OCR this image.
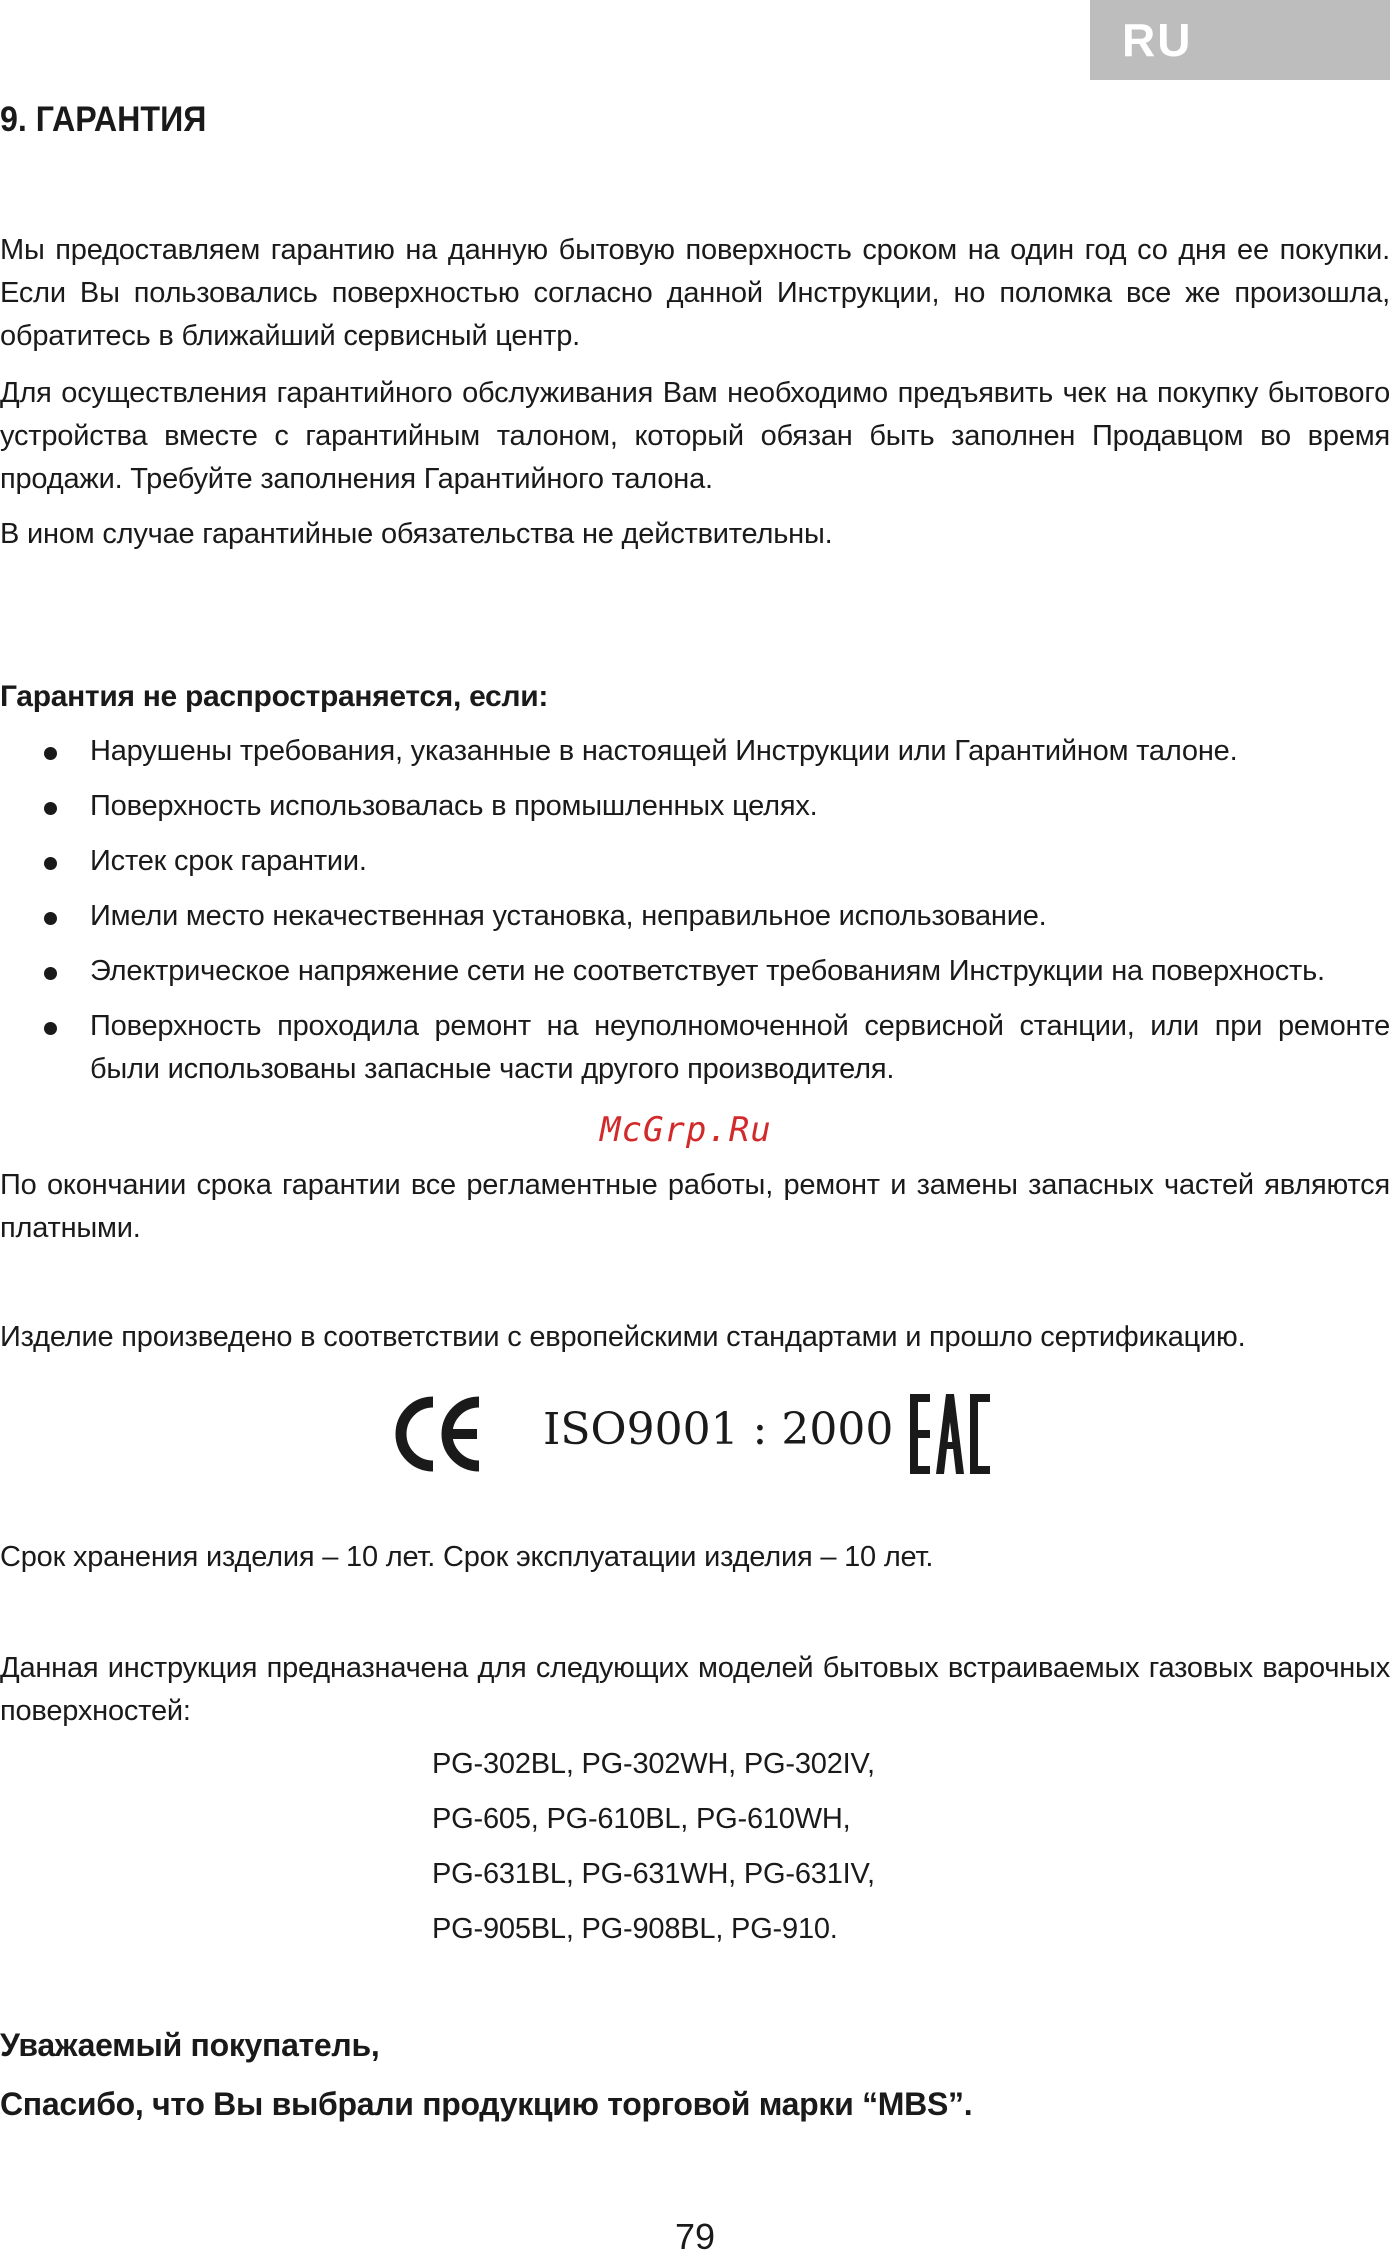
RU
9. ГАРАНТИЯ

Мы предоставляем гарантию на данную бытовую поверхность сроком на один год со дня ее покупки. Если Вы пользовались поверхностью согласно данной Инструкции, но поломка все же произошла, обратитесь в ближайший сервисный центр.

Для осуществления гарантийного обслуживания Вам необходимо предъявить чек на покупку бытового устройства вместе с гарантийным талоном, который обязан быть заполнен Продавцом во время продажи. Требуйте заполнения Гарантийного талона.

В ином случае гарантийные обязательства не действительны.

Гарантия не распространяется, если:
Нарушены требования, указанные в настоящей Инструкции или Гарантийном талоне.
Поверхность использовалась в промышленных целях.
Истек срок гарантии.
Имели место некачественная установка, неправильное использование.
Электрическое напряжение сети не соответствует требованиям Инструкции на поверхность.
Поверхность проходила ремонт на неуполномоченной сервисной станции, или при ремонте были использованы запасные части другого производителя.

McGrp.Ru

По окончании срока гарантии все регламентные работы, ремонт и замены запасных частей являются платными.

Изделие произведено в соответствии с европейскими стандартами и прошло сертификацию.

ISO9001 : 2000

Срок хранения изделия – 10 лет. Срок эксплуатации изделия – 10 лет.

Данная инструкция предназначена для следующих моделей бытовых встраиваемых газовых варочных поверхностей:

PG-302BL, PG-302WH, PG-302IV,
PG-605, PG-610BL, PG-610WH,
PG-631BL, PG-631WH, PG-631IV,
PG-905BL, PG-908BL, PG-910.

Уважаемый покупатель,

Спасибо, что Вы выбрали продукцию торговой марки “MBS”.

79
